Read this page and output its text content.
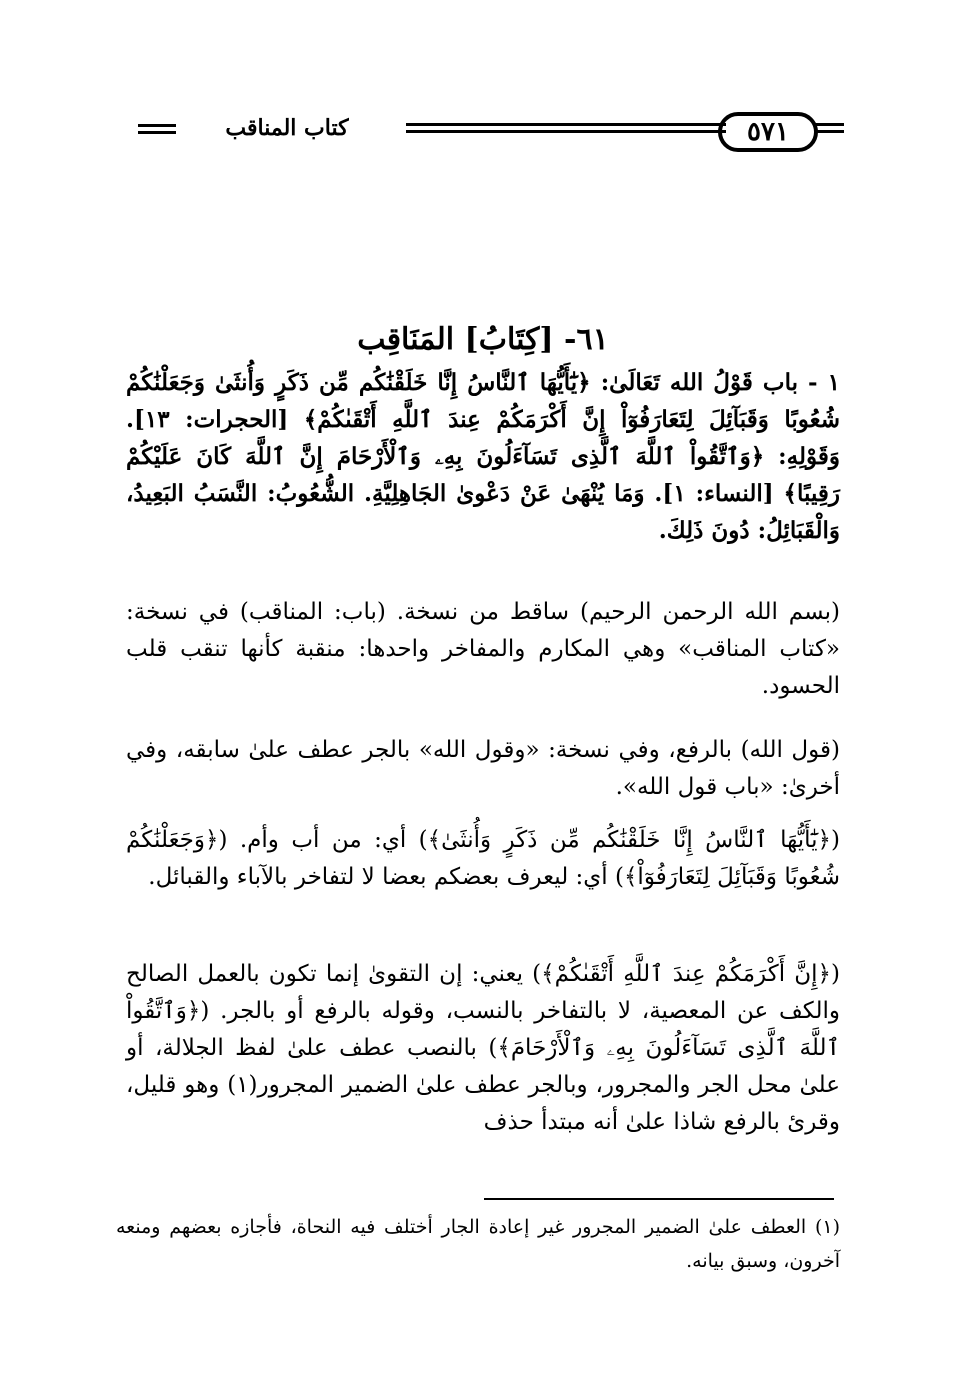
كتاب المناقب	٥٧١
٦١- [كِتَابُ] المَنَاقِب
١ - باب قَوْلُ الله تَعَالَىٰ: ﴿يَٰٓأَيُّهَا ٱلنَّاسُ إِنَّا خَلَقْنَٰكُم مِّن ذَكَرٍ وَأُنثَىٰ وَجَعَلْنَٰكُمْ شُعُوبًا وَقَبَآئِلَ لِتَعَارَفُوٓاْ إِنَّ أَكْرَمَكُمْ عِندَ ٱللَّهِ أَتْقَىٰكُمْ﴾ [الحجرات: ١٣]. وَقَوْلِهِ: ﴿وَٱتَّقُواْ ٱللَّهَ ٱلَّذِى تَسَآءَلُونَ بِهِۦ وَٱلْأَرْحَامَ إِنَّ ٱللَّهَ كَانَ عَلَيْكُمْ رَقِيبًا﴾ [النساء: ١]. وَمَا يُنْهَىٰ عَنْ دَعْوىٰ الجَاهِلِيَّةِ. الشُّعُوبُ: النَّسَبُ البَعِيدُ، وَالْقَبَائِلُ: دُونَ ذَلِكَ.
(بسم الله الرحمن الرحيم) ساقط من نسخة. (باب: المناقب) في نسخة: «كتاب المناقب» وهي المكارم والمفاخر واحدها: منقبة كأنها تنقب قلب الحسود.
(قول الله) بالرفع، وفي نسخة: «وقول الله» بالجر عطف علىٰ سابقه، وفي أخرىٰ: «باب قول الله».
(﴿يَٰٓأَيُّهَا ٱلنَّاسُ إِنَّا خَلَقْنَٰكُم مِّن ذَكَرٍ وَأُنثَىٰ﴾) أي: من أب وأم. (﴿وَجَعَلْنَٰكُمْ شُعُوبًا وَقَبَآئِلَ لِتَعَارَفُوٓاْ﴾) أي: ليعرف بعضكم بعضا لا لتفاخر بالآباء والقبائل.
(﴿إِنَّ أَكْرَمَكُمْ عِندَ ٱللَّهِ أَتْقَىٰكُمْ﴾) يعني: إن التقوىٰ إنما تكون بالعمل الصالح والكف عن المعصية، لا بالتفاخر بالنسب، وقوله بالرفع أو بالجر. (﴿وَٱتَّقُواْ ٱللَّهَ ٱلَّذِى تَسَآءَلُونَ بِهِۦ وَٱلْأَرْحَامَ﴾) بالنصب عطف علىٰ لفظ الجلالة، أو علىٰ محل الجر والمجرور، وبالجر عطف علىٰ الضمير المجرور(١) وهو قليل، وقرئ بالرفع شاذا علىٰ أنه مبتدأ حذف
(١) العطف علىٰ الضمير المجرور غير إعادة الجار أختلف فيه النحاة، فأجازه بعضهم ومنعه آخرون، وسبق بيانه.
